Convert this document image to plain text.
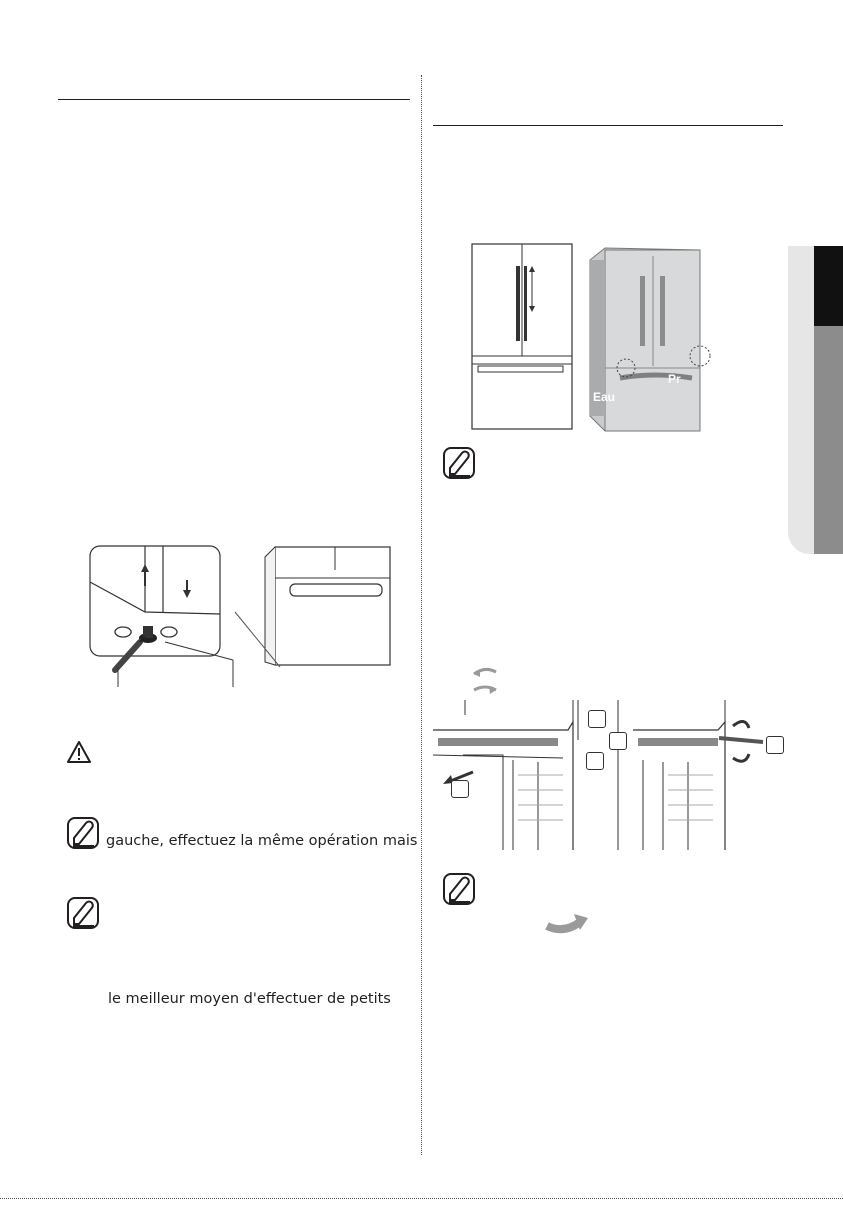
gauche, effectuez la même opération mais
le meilleur moyen d'effectuer de petits
Eau
Pr
